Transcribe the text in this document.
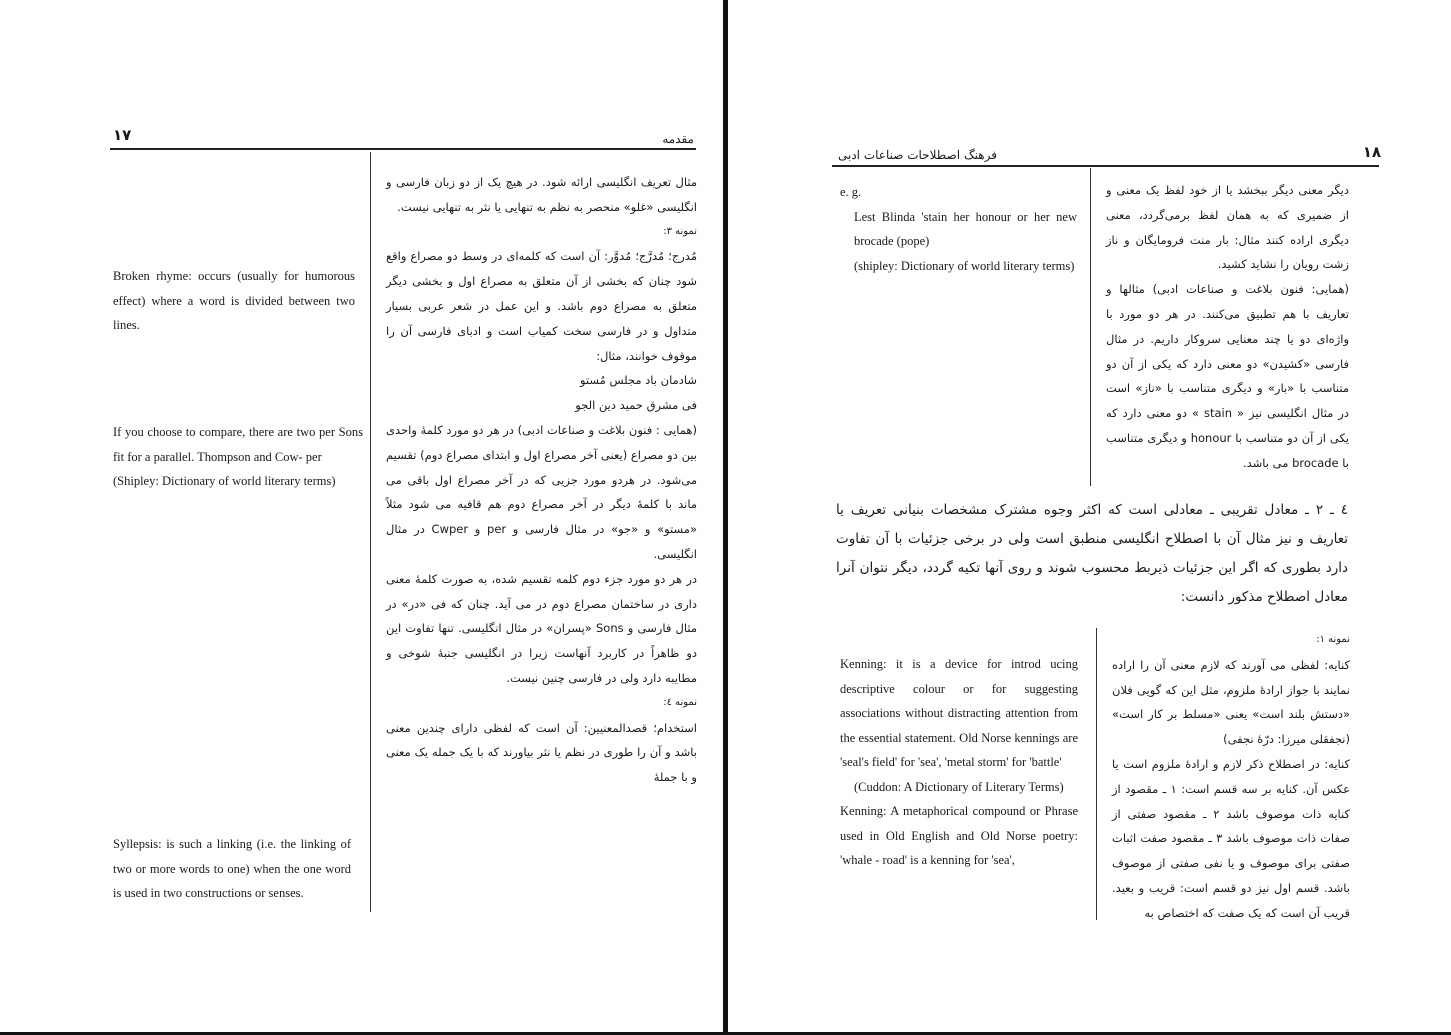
۱۷	مقدمه

Broken rhyme: occurs (usually for humorous effect) where a word is divided between two lines.

If you choose to compare, there are two per Sons fit for a parallel. Thompson and Cow- per

(Shipley: Dictionary of world literary terms)

Syllepsis: is such a linking (i.e. the linking of two or more words to one) when the one word is used in two constructions or senses.

مثال تعریف انگلیسی ارائه شود. در هیچ یک از دو زبان فارسی و انگلیسی «غلو» منحصر به نظم به تنهایی یا نثر به تنهایی نیست.

نمونه ۳:

مُدرج؛ مُدرَّج؛ مُدوَّر: آن است که کلمه‌ای در وسط دو مصراع واقع شود چنان که بخشی از آن متعلق به مصراع اول و بخشی دیگر متعلق به مصراع دوم باشد. و این عمل در شعر عربی بسیار متداول و در فارسی سخت کمیاب است و ادبای فارسی آن را موقوف خوانند، مثال:

شادمان باد مجلس مُستو

فی مشرق حمید دین الجو

(همایی : فنون بلاغت و صناعات ادبی) در هر دو مورد کلمهٔ واحدی بین دو مصراع (یعنی آخر مصراع اول و ابتدای مصراع دوم) تقسیم می‌شود. در هردو مورد جزیی که در آخر مصراع اول باقی می ماند با کلمهٔ دیگر در آخر مصراع دوم هم قافیه می شود مثلاً «مستو» و «جو» در مثال فارسی و per و Cwper در مثال انگلیسی.

در هر دو مورد جزء دوم کلمه تقسیم شده، به صورت کلمهٔ معنی داری در ساختمان مصراع دوم در می آید. چنان که فی «در» در مثال فارسی و Sons «پسران» در مثال انگلیسی. تنها تفاوت این دو ظاهراً در کاربرد آنهاست زیرا در انگلیسی جنبهٔ شوخی و مطایبه دارد ولی در فارسی چنین نیست.

نمونه ٤:

استخدام؛ قصدالمعنیین: آن است که لفظی دارای چندین معنی باشد و آن را طوری در نظم یا نثر بیاورند که با یک جمله یک معنی و با جملهٔ

۱۸
فرهنگ اصطلاحات صناعات ادبی

e. g.

Lest Blinda 'stain her honour or her new brocade (pope)

(shipley: Dictionary of world literary terms)

دیگر معنی دیگر ببخشد یا از خود لفظ یک معنی و از ضمیری که به همان لفظ برمی‌گردد، معنی دیگری اراده کنند مثال: بار منت فرومایگان و ناز زشت رویان را نشاید کشید.

(همایی: فنون بلاغت و صناعات ادبی) مثالها و تعاریف با هم تطبیق می‌کنند. در هر دو مورد با واژه‌ای دو یا چند معنایی سروکار داریم. در مثال فارسی «کشیدن» دو معنی دارد که یکی از آن دو متناسب با «بار» و دیگری متناسب با «ناز» است در مثال انگلیسی نیز « stain » دو معنی دارد که یکی از آن دو متناسب با honour و دیگری متناسب با brocade می باشد.

٤ ـ ۲ ـ معادل تقریبی ـ معادلی است که اکثر وجوه مشترک مشخصات بنیانی تعریف یا تعاریف و نیز مثال آن با اصطلاح انگلیسی منطبق است ولی در برخی جزئیات با آن تفاوت دارد بطوری که اگر این جزئیات ذیربط محسوب شوند و روی آنها تکیه گردد، دیگر نتوان آنرا معادل اصطلاح مذکور دانست:

Kenning: it is a device for introd ucing descriptive colour or for suggesting associations without distracting attention from the essential statement. Old Norse kennings are 'seal's field' for 'sea', 'metal storm' for 'battle'

(Cuddon: A Dictionary of Literary Terms)

Kenning: A metaphorical compound or Phrase used in Old English and Old Norse poetry: 'whale - road' is a kenning for 'sea',

نمونه ۱:

کنایه: لفظی می آورند که لازم معنی آن را اراده نمایند با جواز ارادهٔ ملزوم، مثل این که گویی فلان «دستش بلند است» یعنی «مسلط بر کار است» (نجفقلی میرزا: درّهٔ نجفی)

کنایه: در اصطلاح ذکر لازم و ارادهٔ ملزوم است یا عکس آن. کنایه بر سه قسم است: ۱ ـ مقصود از کنایه ذات موصوف باشد ۲ ـ مقصود صفتی از صفات ذات موصوف باشد ۳ ـ مقصود صفت اثبات صفتی برای موصوف و یا نفی صفتی از موصوف باشد. قسم اول نیز دو قسم است: قریب و بعید. قریب آن است که یک صفت که اختصاص به
